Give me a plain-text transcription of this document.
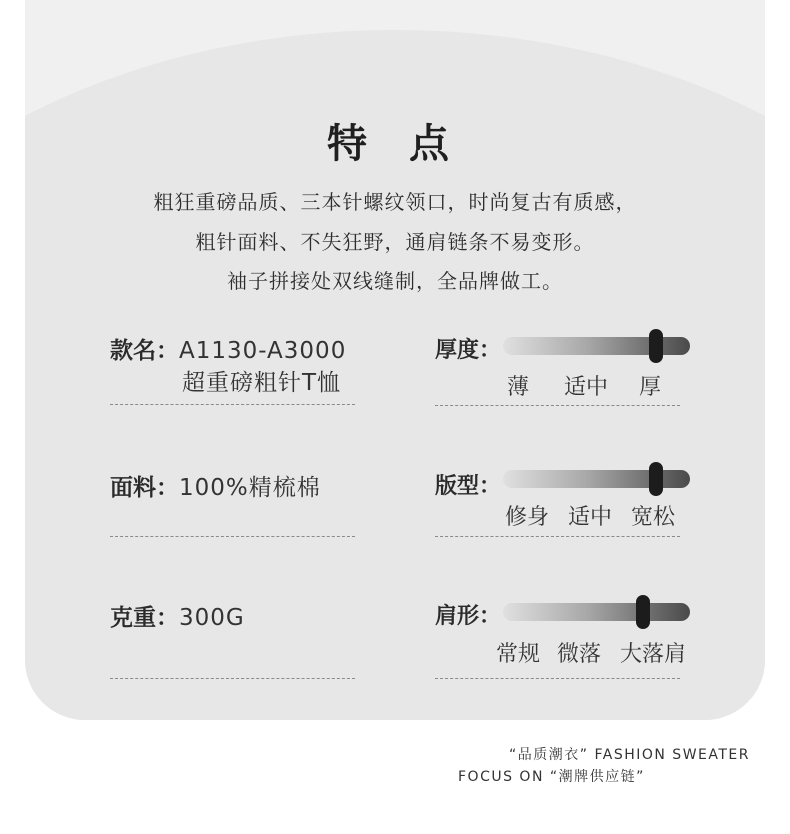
特 点
粗狂重磅品质、三本针螺纹领口，时尚复古有质感，
粗针面料、不失狂野，通肩链条不易变形。
袖子拼接处双线缝制，全品牌做工。
款名：A1130-A3000
超重磅粗针T恤
面料：100%精梳棉
克重：300G
厚度：
薄 适中 厚
版型：
修身 适中 宽松
肩形：
常规 微落 大落肩
“品质潮衣” FASHION SWEATER
FOCUS ON “潮牌供应链”
